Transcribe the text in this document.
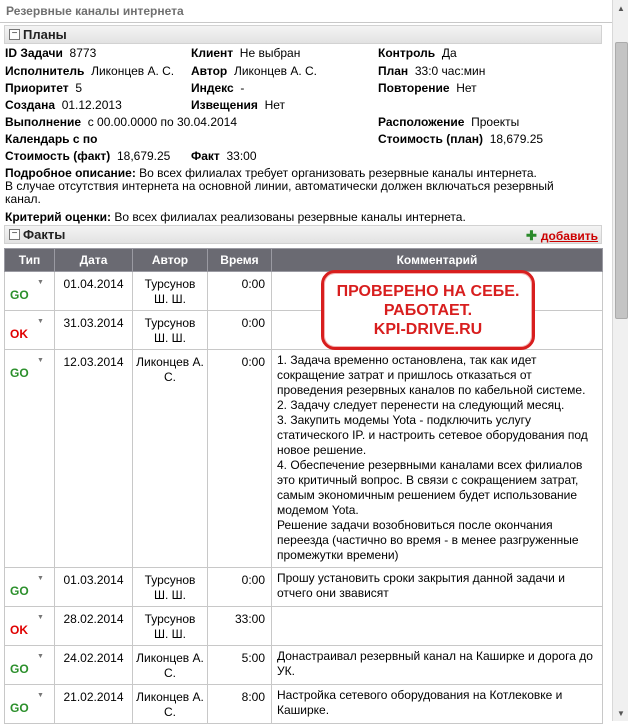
Резервные каналы интернета	▲
▼
− Планы
ID Задачи 8773	Клиент Не выбран	Контроль Да
Исполнитель Ликонцев А. С. Автор Ликонцев А. С.	План 33:0 час:мин
Приоритет 5	Индекс -	Повторение Нет
Создана 01.12.2013	Извещения Нет
Выполнение с 00.00.0000 по 30.04.2014	Расположение Проекты
Календарь с по	Стоимость (план) 18,679.25
Стоимость (факт) 18,679.25 Факт 33:00
Подробное описание: Во всех филиалах требует организовать резервные каналы интернета.
В случае отсутствия интернета на основной линии, автоматически должен включаться резервный
канал.
Критерий оценки: Во всех филиалах реализованы резервные каналы интернета.
− Факты	✚ добавить
Тип	Дата	Автор	Время	Комментарий

▼
GO	01.04.2014	Турсунов Ш. Ш.	0:00	

▼
OK	31.03.2014	Турсунов Ш. Ш.	0:00	

▼
GO	12.03.2014	Ликонцев А. С.	0:00	1. Задача временно остановлена, так как идет сокращение затрат и пришлось отказаться от проведения резервных каналов по кабельной системе.
2. Задачу следует перенести на следующий месяц.
3. Закупить модемы Yota - подключить услугу статического IP. и настроить сетевое оборудования под новое решение.
4. Обеспечение резервными каналами всех филиалов это критичный вопрос. В связи с сокращением затрат, самым экономичным решением будет использование модемом Yota.
Решение задачи возобновиться после окончания переезда (частично во время - в менее разгруженные промежутки времени)

▼
GO	01.03.2014	Турсунов Ш. Ш.	0:00	Прошу установить сроки закрытия данной задачи и отчего они звависят

▼
OK	28.02.2014	Турсунов Ш. Ш.	33:00	

▼
GO	24.02.2014	Ликонцев А. С.	5:00	Донастраивал резервный канал на Каширке и дорога до УК.

▼
GO	21.02.2014	Ликонцев А. С.	8:00	Настройка сетевого оборудования на Котлековке и Каширке.
ПРОВЕРЕНО НА СЕБЕ.
РАБОТАЕТ.
KPI-DRIVE.RU
